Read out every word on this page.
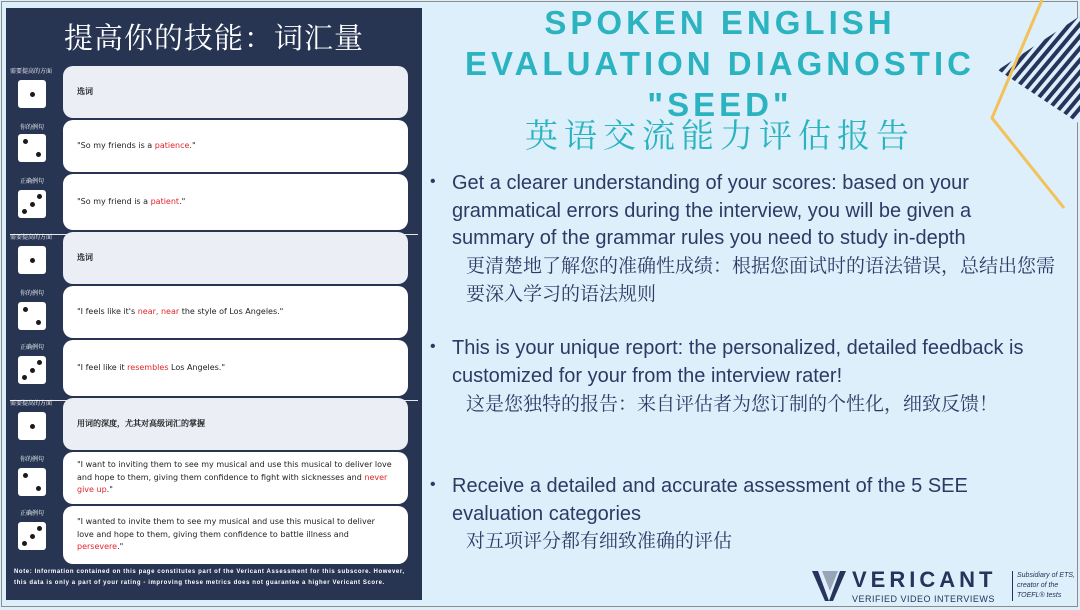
提高你的技能：词汇量
需要提高的方面
选词
你的例句
"So my friends is a patience."
正确例句
"So my friend is a patient."
需要提高的方面
选词
你的例句
"I feels like it's near, near the style of Los Angeles."
正确例句
"I feel like it resembles Los Angeles."
需要提高的方面
用词的深度，尤其对高级词汇的掌握
你的例句
"I want to inviting them to see my musical and use this musical to deliver love and hope to them, giving them confidence to fight with sicknesses and never give up."
正确例句
"I wanted to invite them to see my musical and use this musical to deliver love and hope to them, giving them confidence to battle illness and persevere."
Note: Information contained on this page constitutes part of the Vericant Assessment for this subscore. However, this data is only a part of your rating - improving these metrics does not guarantee a higher Vericant Score.
SPOKEN ENGLISH
EVALUATION DIAGNOSTIC
"SEED"
英语交流能力评估报告
• Get a clearer understanding of your scores: based on your grammatical errors during the interview, you will be given a summary of the grammar rules you need to study in-depth
更清楚地了解您的准确性成绩：根据您面试时的语法错误，总结出您需要深入学习的语法规则
• This is your unique report: the personalized, detailed feedback is customized for your from the interview rater!
这是您独特的报告：来自评估者为您订制的个性化，细致反馈！
• Receive a detailed and accurate assessment of the 5 SEE evaluation categories
对五项评分都有细致准确的评估
VERICANT
VERIFIED VIDEO INTERVIEWS
Subsidiary of ETS, creator of the TOEFL® tests
